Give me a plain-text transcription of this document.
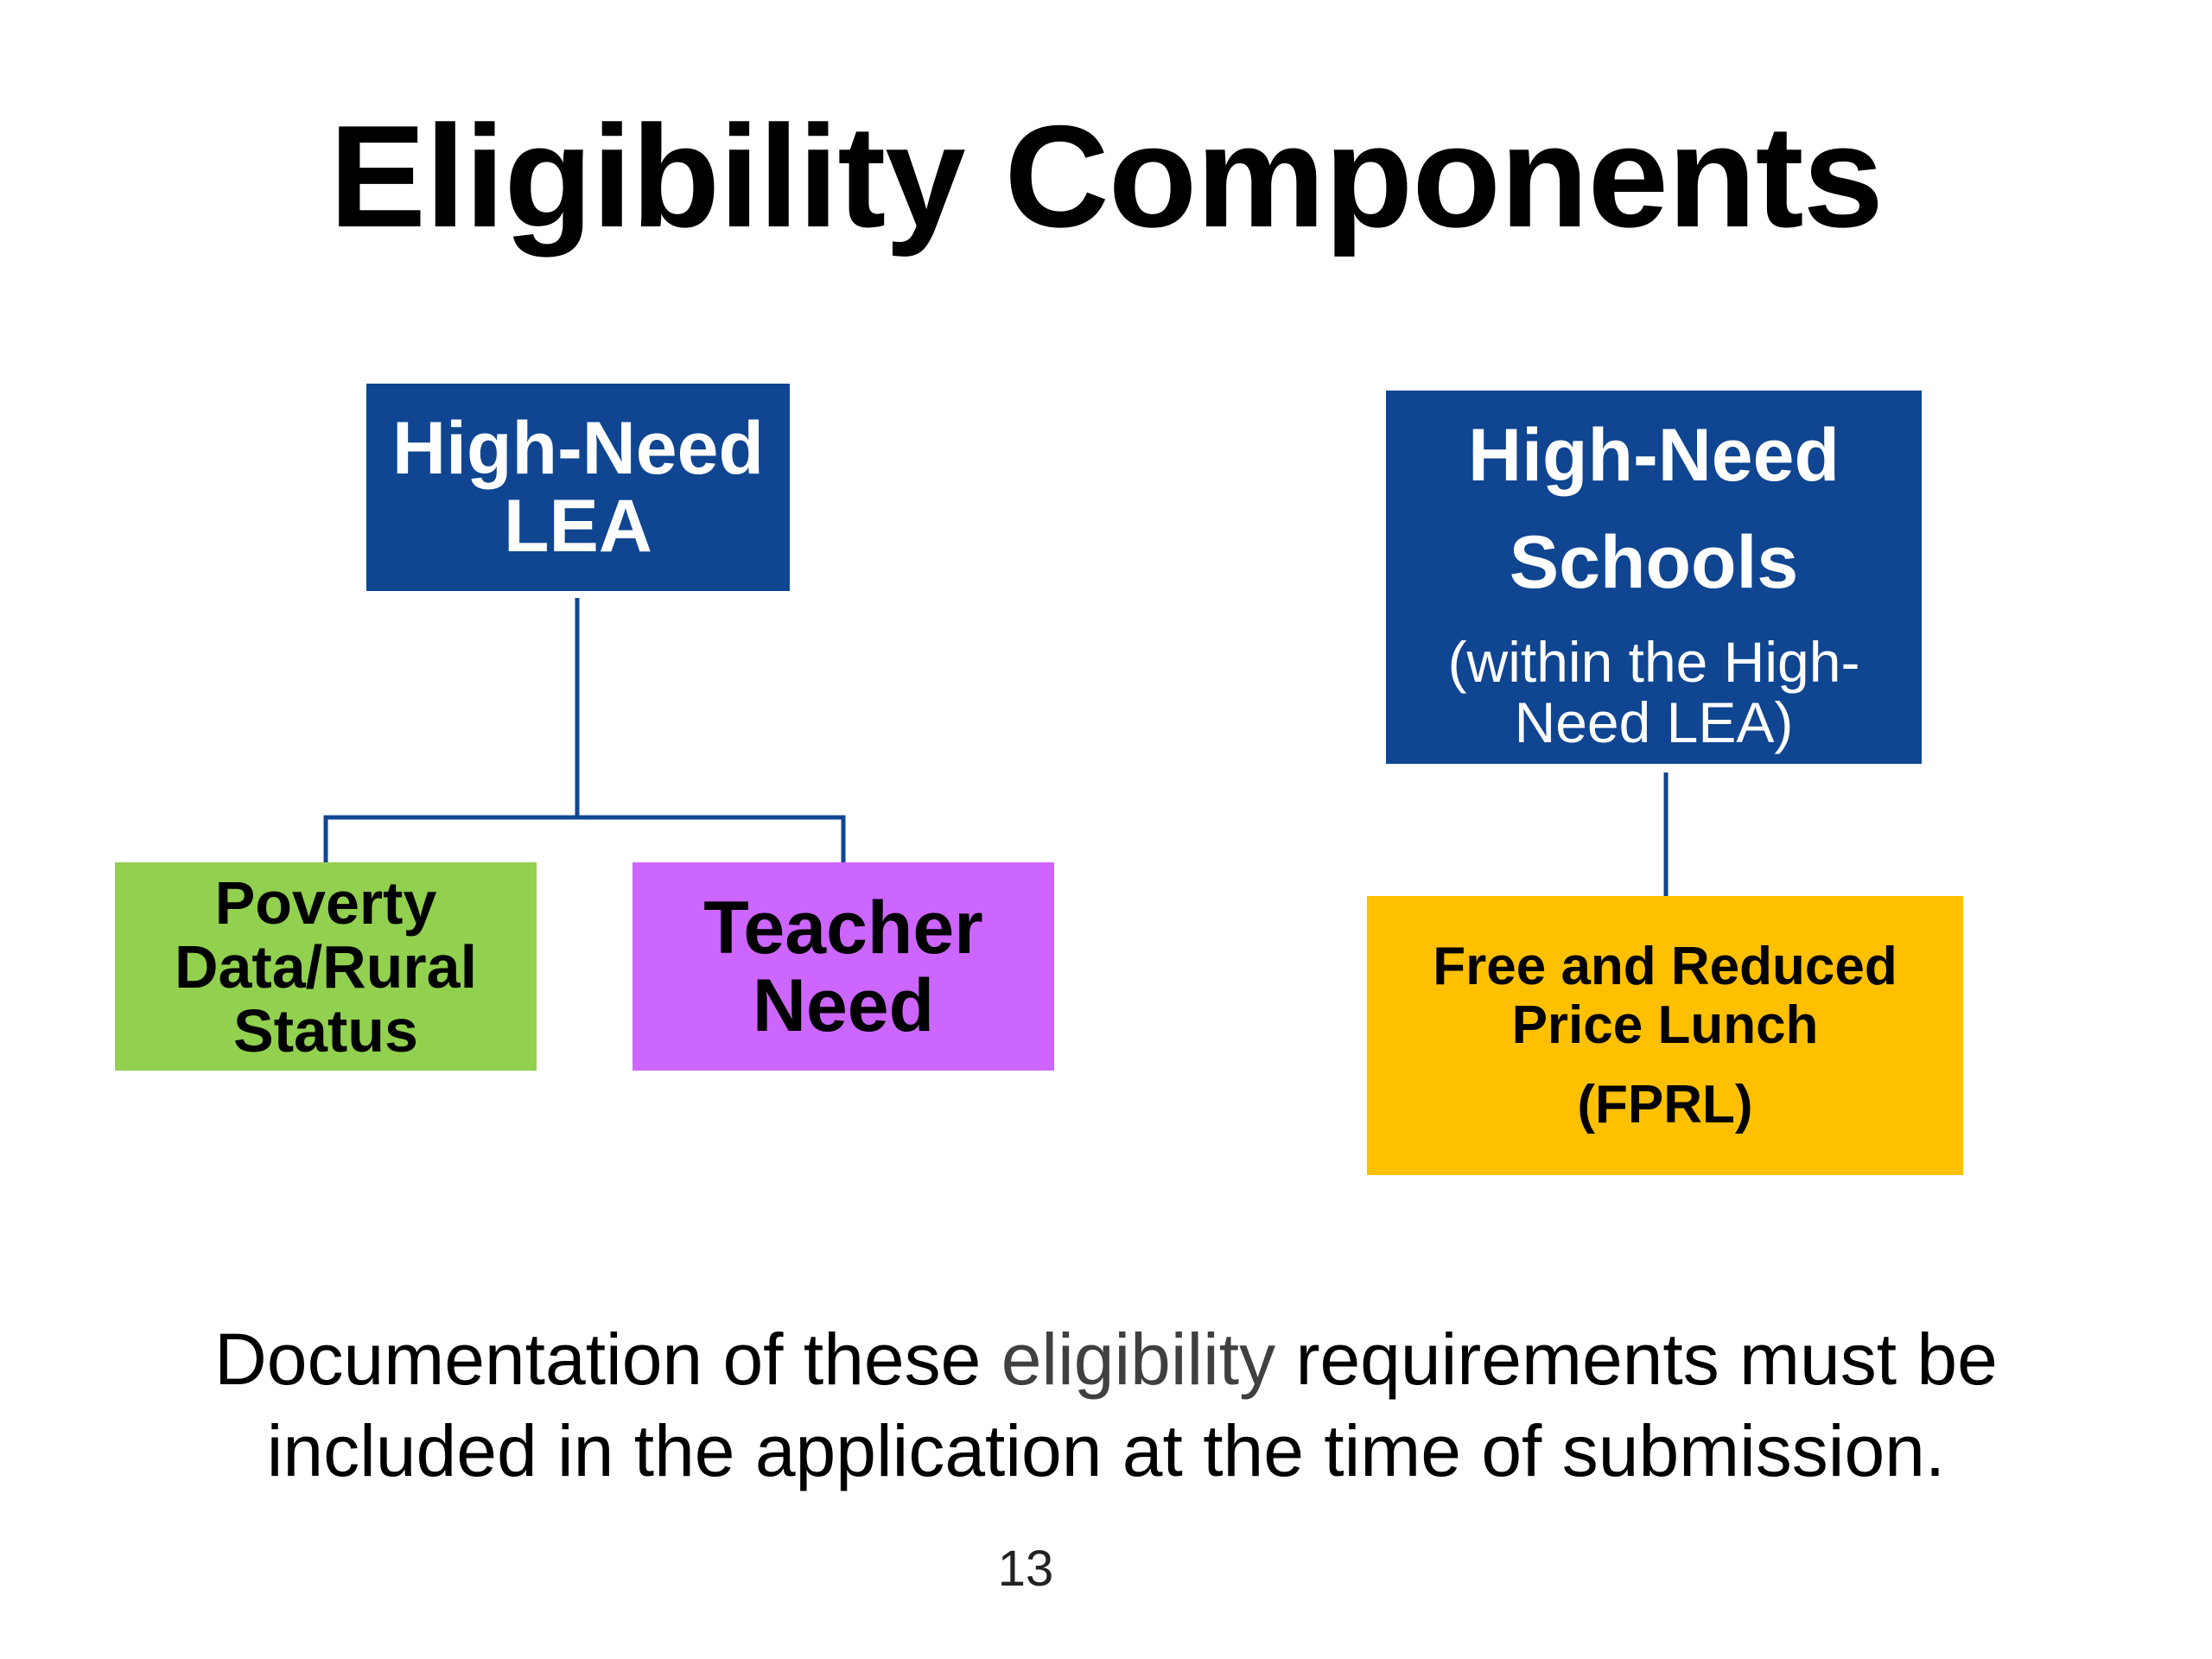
Eligibility Components
High-Need
LEA
Poverty
Data/Rural
Status
Teacher
Need
High-Need
Schools
(within the High-
Need LEA)
Free and Reduced
Price Lunch
(FPRL)
Documentation of these eligibility requirements must be
included in the application at the time of submission.
13
